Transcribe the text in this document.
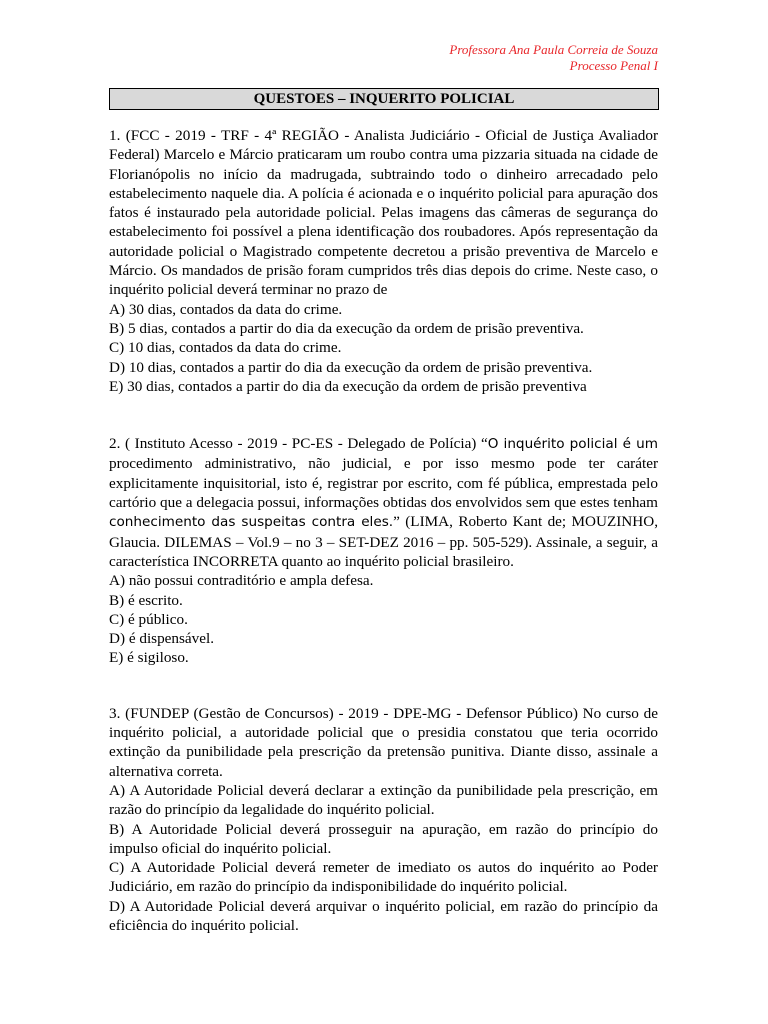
Professora Ana Paula Correia de Souza
Processo Penal I
QUESTOES – INQUERITO POLICIAL

1. (FCC - 2019 - TRF - 4ª REGIÃO - Analista Judiciário - Oficial de Justiça Avaliador Federal) Marcelo e Márcio praticaram um roubo contra uma pizzaria situada na cidade de Florianópolis no início da madrugada, subtraindo todo o dinheiro arrecadado pelo estabelecimento naquele dia. A polícia é acionada e o inquérito policial para apuração dos fatos é instaurado pela autoridade policial. Pelas imagens das câmeras de segurança do estabelecimento foi possível a plena identificação dos roubadores. Após representação da autoridade policial o Magistrado competente decretou a prisão preventiva de Marcelo e Márcio. Os mandados de prisão foram cumpridos três dias depois do crime. Neste caso, o inquérito policial deverá terminar no prazo de

A) 30 dias, contados da data do crime.

B) 5 dias, contados a partir do dia da execução da ordem de prisão preventiva.

C) 10 dias, contados da data do crime.

D) 10 dias, contados a partir do dia da execução da ordem de prisão preventiva.

E) 30 dias, contados a partir do dia da execução da ordem de prisão preventiva

2. ( Instituto Acesso - 2019 - PC-ES - Delegado de Polícia) “O inquérito policial é um procedimento administrativo, não judicial, e por isso mesmo pode ter caráter explicitamente inquisitorial, isto é, registrar por escrito, com fé pública, emprestada pelo cartório que a delegacia possui, informações obtidas dos envolvidos sem que estes tenham conhecimento das suspeitas contra eles.” (LIMA, Roberto Kant de; MOUZINHO, Glaucia. DILEMAS – Vol.9 – no 3 – SET-DEZ 2016 – pp. 505-529). Assinale, a seguir, a característica INCORRETA quanto ao inquérito policial brasileiro.

A) não possui contraditório e ampla defesa.

B) é escrito.

C) é público.

D) é dispensável.

E) é sigiloso.

3. (FUNDEP (Gestão de Concursos) - 2019 - DPE-MG - Defensor Público) No curso de inquérito policial, a autoridade policial que o presidia constatou que teria ocorrido extinção da punibilidade pela prescrição da pretensão punitiva. Diante disso, assinale a alternativa correta.

A) A Autoridade Policial deverá declarar a extinção da punibilidade pela prescrição, em razão do princípio da legalidade do inquérito policial.

B) A Autoridade Policial deverá prosseguir na apuração, em razão do princípio do impulso oficial do inquérito policial.

C) A Autoridade Policial deverá remeter de imediato os autos do inquérito ao Poder Judiciário, em razão do princípio da indisponibilidade do inquérito policial.

D) A Autoridade Policial deverá arquivar o inquérito policial, em razão do princípio da eficiência do inquérito policial.
